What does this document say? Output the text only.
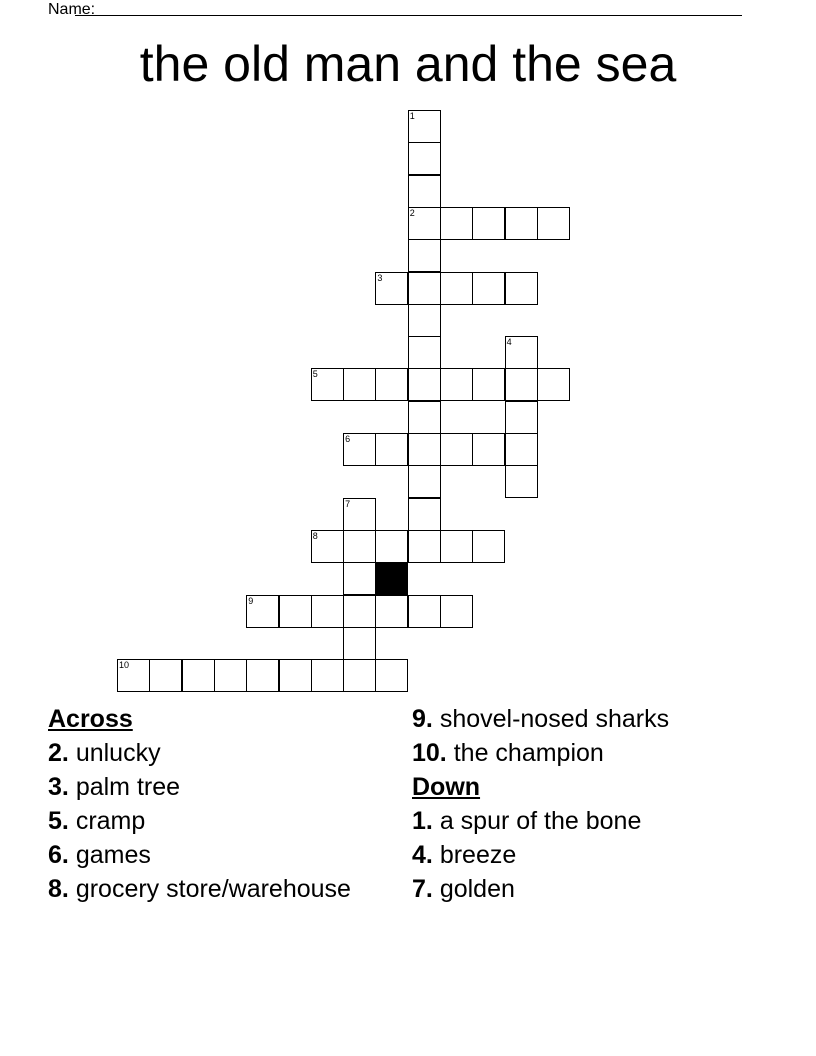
Name:
the old man and the sea
1
2
3
4
5
6
7
8
9
10
Across
2. unlucky
3. palm tree
5. cramp
6. games
8. grocery store/warehouse
9. shovel-nosed sharks
10. the champion
Down
1. a spur of the bone
4. breeze
7. golden
